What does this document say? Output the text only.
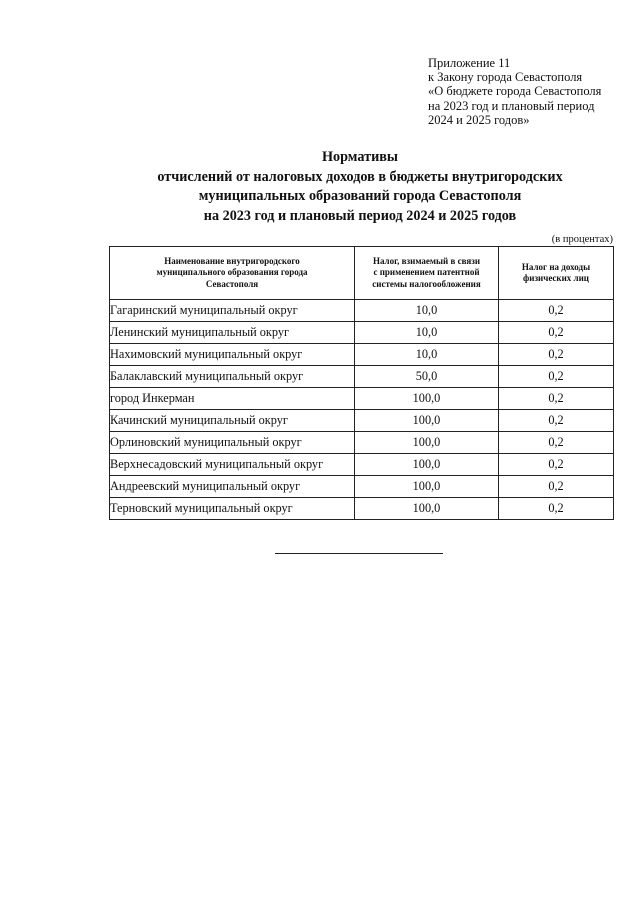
Приложение 11
к Закону города Севастополя
«О бюджете города Севастополя
на 2023 год и плановый период
2024 и 2025 годов»
Нормативы
отчислений от налоговых доходов в бюджеты внутригородских
муниципальных образований города Севастополя
на 2023 год и плановый период 2024 и 2025 годов
(в процентах)
Наименование внутригородского
муниципального образования города
Севастополя	Налог, взимаемый в связи
с применением патентной
системы налогообложения	Налог на доходы
физических лиц
Гагаринский муниципальный округ	10,0	0,2
Ленинский муниципальный округ	10,0	0,2
Нахимовский муниципальный округ	10,0	0,2
Балаклавский муниципальный округ	50,0	0,2
город Инкерман	100,0	0,2
Качинский муниципальный округ	100,0	0,2
Орлиновский муниципальный округ	100,0	0,2
Верхнесадовский муниципальный округ	100,0	0,2
Андреевский муниципальный округ	100,0	0,2
Терновский муниципальный округ	100,0	0,2
